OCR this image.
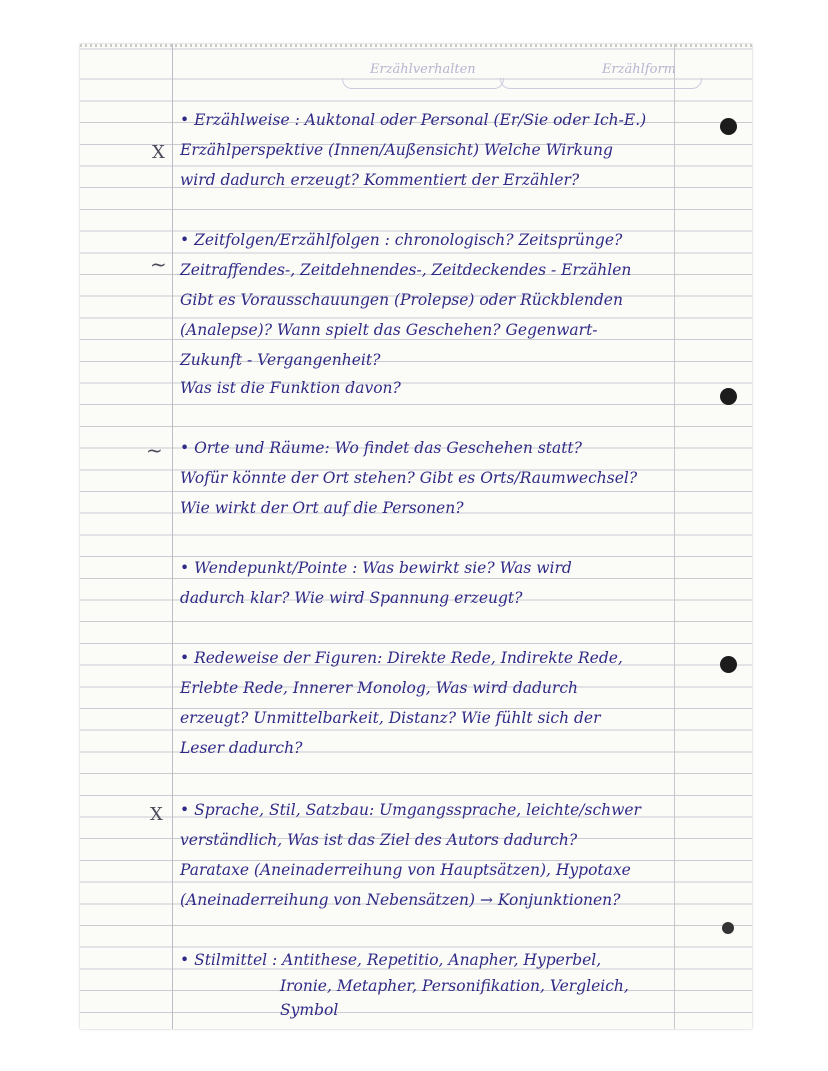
Erzählverhalten	Erzählform

X

~

~

X

• Erzählweise : Auktonal oder Personal (Er/Sie oder Ich-E.)

Erzählperspektive (Innen/Außensicht) Welche Wirkung

wird dadurch erzeugt? Kommentiert der Erzähler?

• Zeitfolgen/Erzählfolgen : chronologisch? Zeitsprünge?

Zeitraffendes-, Zeitdehnendes-, Zeitdeckendes - Erzählen

Gibt es Vorausschauungen (Prolepse) oder Rückblenden

(Analepse)? Wann spielt das Geschehen? Gegenwart-

Zukunft - Vergangenheit?

Was ist die Funktion davon?

• Orte und Räume: Wo findet das Geschehen statt?

Wofür könnte der Ort stehen? Gibt es Orts/Raumwechsel?

Wie wirkt der Ort auf die Personen?

• Wendepunkt/Pointe : Was bewirkt sie? Was wird

dadurch klar? Wie wird Spannung erzeugt?

• Redeweise der Figuren: Direkte Rede, Indirekte Rede,

Erlebte Rede, Innerer Monolog, Was wird dadurch

erzeugt? Unmittelbarkeit, Distanz? Wie fühlt sich der

Leser dadurch?

• Sprache, Stil, Satzbau: Umgangssprache, leichte/schwer

verständlich, Was ist das Ziel des Autors dadurch?

Parataxe (Aneinaderreihung von Hauptsätzen), Hypotaxe

(Aneinaderreihung von Nebensätzen) → Konjunktionen?

• Stilmittel : Antithese, Repetitio, Anapher, Hyperbel,

Ironie, Metapher, Personifikation, Vergleich,

Symbol
